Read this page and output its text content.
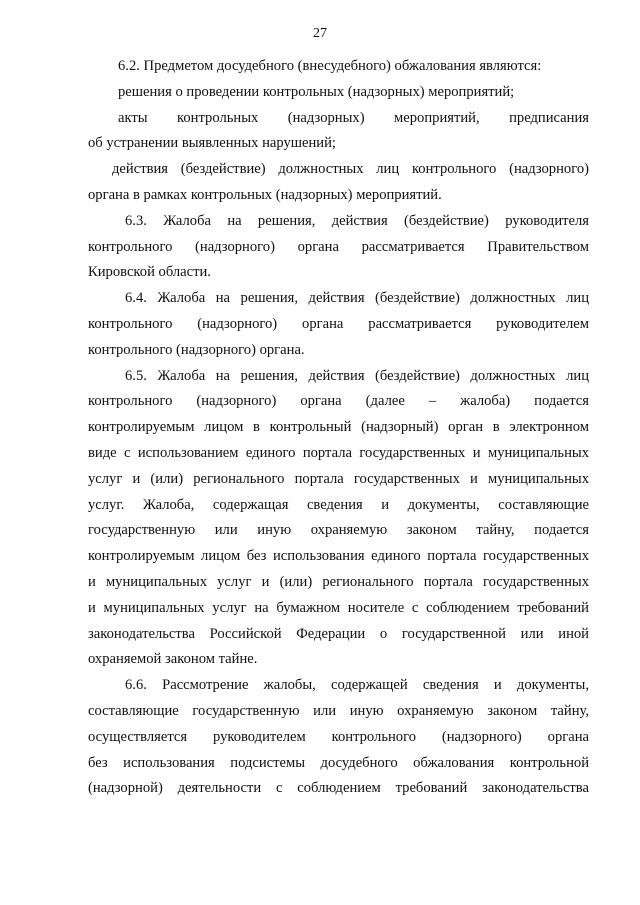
27
6.2. Предметом досудебного (внесудебного) обжалования являются:
решения о проведении контрольных (надзорных) мероприятий;
акты контрольных (надзорных) мероприятий, предписания
об устранении выявленных нарушений;
действия (бездействие) должностных лиц контрольного (надзорного)
органа в рамках контрольных (надзорных) мероприятий.
6.3. Жалоба на решения, действия (бездействие) руководителя
контрольного (надзорного) органа рассматривается Правительством
Кировской области.
6.4. Жалоба на решения, действия (бездействие) должностных лиц
контрольного (надзорного) органа рассматривается руководителем
контрольного (надзорного) органа.
6.5. Жалоба на решения, действия (бездействие) должностных лиц
контрольного (надзорного) органа (далее – жалоба) подается
контролируемым лицом в контрольный (надзорный) орган в электронном
виде с использованием единого портала государственных и муниципальных
услуг и (или) регионального портала государственных и муниципальных
услуг. Жалоба, содержащая сведения и документы, составляющие
государственную или иную охраняемую законом тайну, подается
контролируемым лицом без использования единого портала государственных
и муниципальных услуг и (или) регионального портала государственных
и муниципальных услуг на бумажном носителе с соблюдением требований
законодательства Российской Федерации о государственной или иной
охраняемой законом тайне.
6.6. Рассмотрение жалобы, содержащей сведения и документы,
составляющие государственную или иную охраняемую законом тайну,
осуществляется руководителем контрольного (надзорного) органа
без использования подсистемы досудебного обжалования контрольной
(надзорной) деятельности с соблюдением требований законодательства
